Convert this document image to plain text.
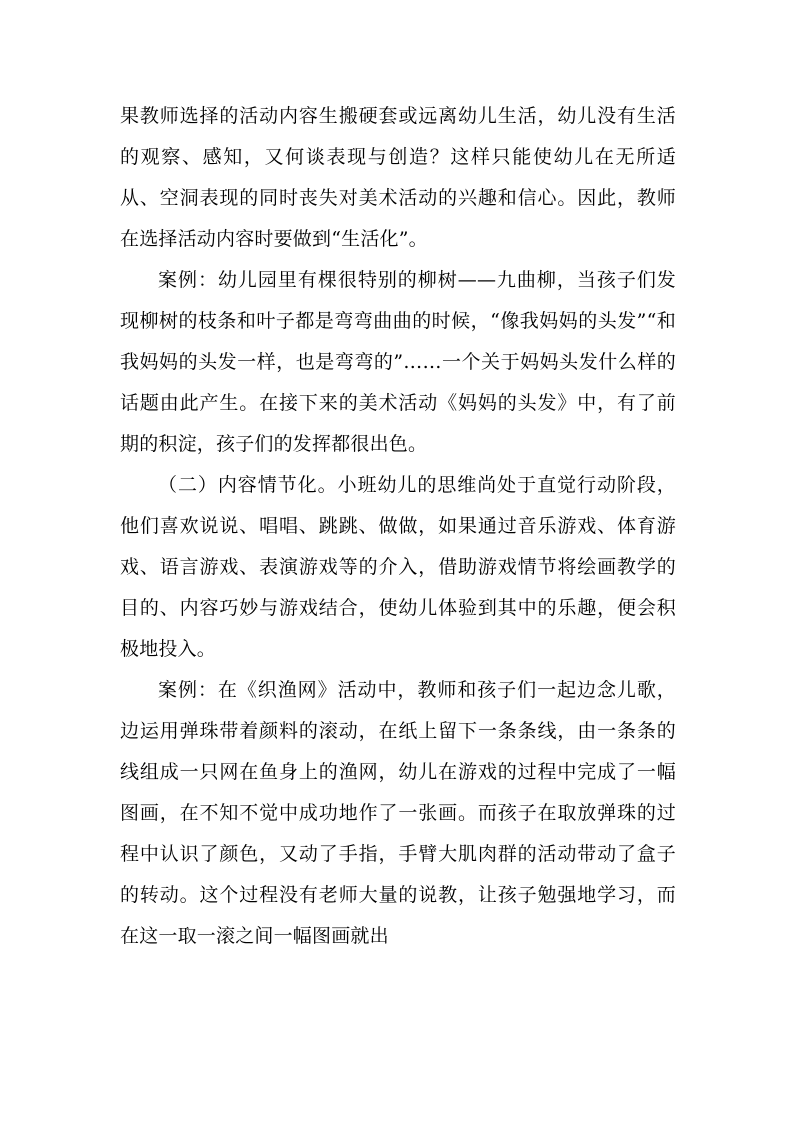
果教师选择的活动内容生搬硬套或远离幼儿生活，幼儿没有生活的观察、感知，又何谈表现与创造？这样只能使幼儿在无所适从、空洞表现的同时丧失对美术活动的兴趣和信心。因此，教师在选择活动内容时要做到“生活化”。

案例：幼儿园里有棵很特别的柳树——九曲柳，当孩子们发现柳树的枝条和叶子都是弯弯曲曲的时候，“像我妈妈的头发”“和我妈妈的头发一样，也是弯弯的”……一个关于妈妈头发什么样的话题由此产生。在接下来的美术活动《妈妈的头发》中，有了前期的积淀，孩子们的发挥都很出色。

（二）内容情节化。小班幼儿的思维尚处于直觉行动阶段，他们喜欢说说、唱唱、跳跳、做做，如果通过音乐游戏、体育游戏、语言游戏、表演游戏等的介入，借助游戏情节将绘画教学的目的、内容巧妙与游戏结合，使幼儿体验到其中的乐趣，便会积极地投入。

案例：在《织渔网》活动中，教师和孩子们一起边念儿歌，边运用弹珠带着颜料的滚动，在纸上留下一条条线，由一条条的线组成一只网在鱼身上的渔网，幼儿在游戏的过程中完成了一幅图画，在不知不觉中成功地作了一张画。而孩子在取放弹珠的过程中认识了颜色，又动了手指，手臂大肌肉群的活动带动了盒子的转动。这个过程没有老师大量的说教，让孩子勉强地学习，而在这一取一滚之间一幅图画就出
